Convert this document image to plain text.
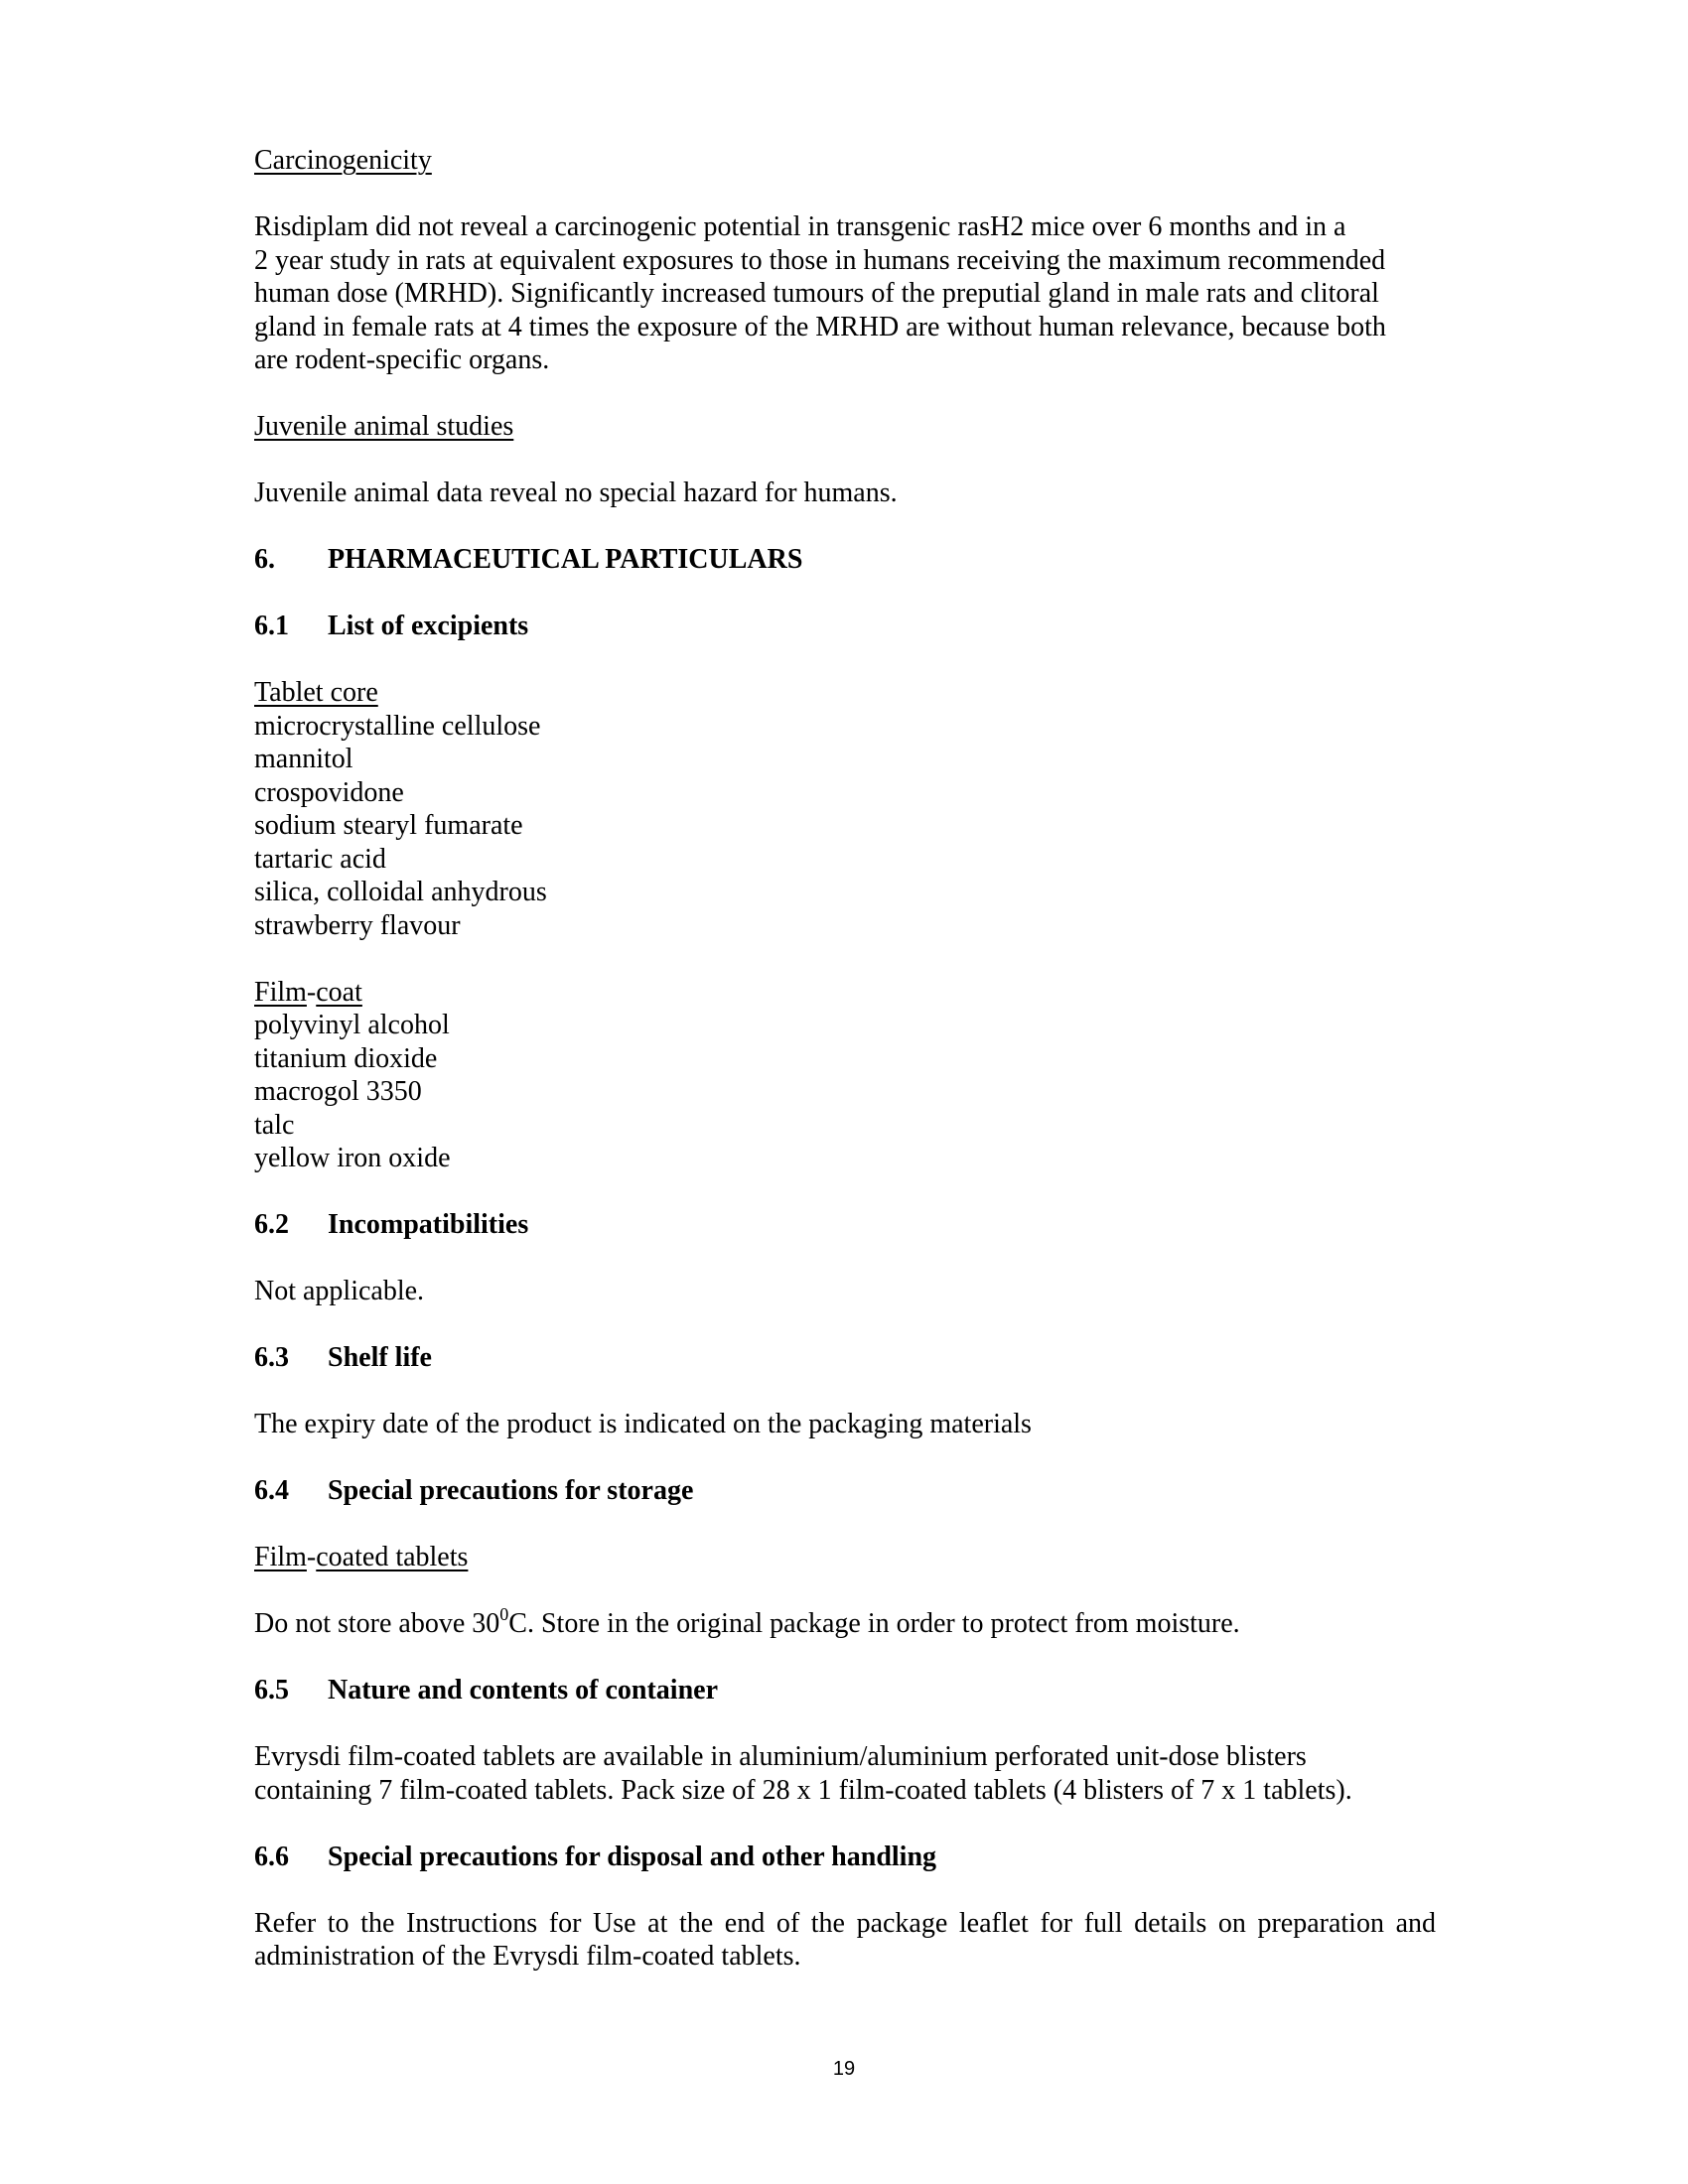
Carcinogenicity

Risdiplam did not reveal a carcinogenic potential in transgenic rasH2 mice over 6 months and in a

2 year study in rats at equivalent exposures to those in humans receiving the maximum recommended

human dose (MRHD). Significantly increased tumours of the preputial gland in male rats and clitoral

gland in female rats at 4 times the exposure of the MRHD are without human relevance, because both

are rodent-specific organs.

Juvenile animal studies

Juvenile animal data reveal no special hazard for humans.

6.	PHARMACEUTICAL PARTICULARS

6.1	List of excipients

Tablet core

microcrystalline cellulose
mannitol
crospovidone
sodium stearyl fumarate
tartaric acid
silica, colloidal anhydrous
strawberry flavour

Film-coat

polyvinyl alcohol
titanium dioxide
macrogol 3350
talc
yellow iron oxide

6.2	Incompatibilities

Not applicable.

6.3	Shelf life

The expiry date of the product is indicated on the packaging materials

6.4	Special precautions for storage

Film-coated tablets

Do not store above $30^0C$. Store in the original package in order to protect from moisture.

6.5	Nature and contents of container

Evrysdi film-coated tablets are available in aluminium/aluminium perforated unit-dose blisters

containing 7 film-coated tablets. Pack size of 28 x 1 film-coated tablets (4 blisters of 7 x 1 tablets).

6.6	Special precautions for disposal and other handling

Refer to the Instructions for Use at the end of the package leaflet for full details on preparation and

administration of the Evrysdi film-coated tablets.

19
